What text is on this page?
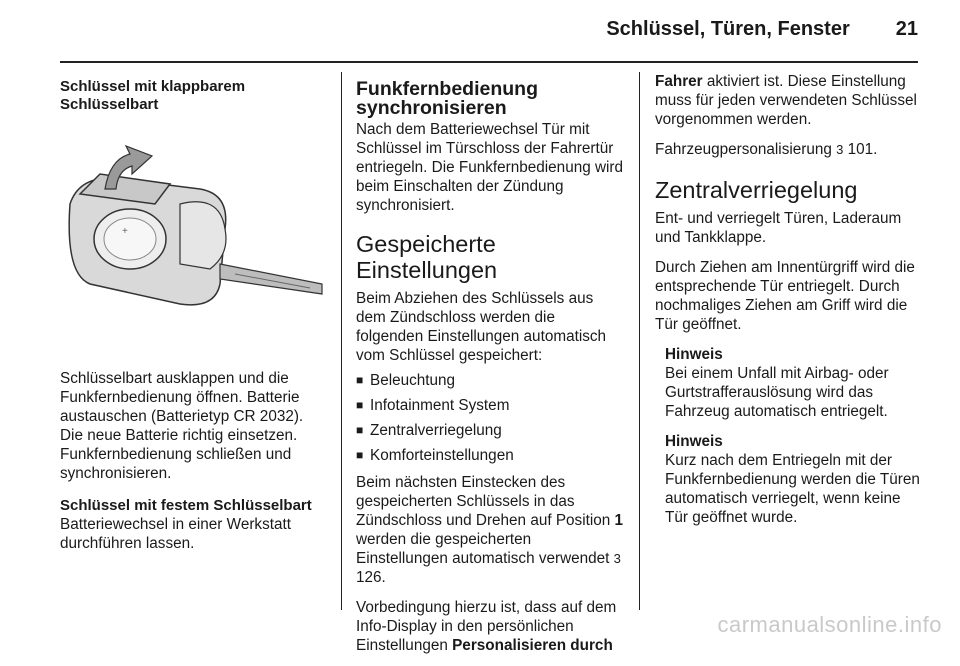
Schlüssel, Türen, Fenster 21
Schlüssel mit klappbarem Schlüsselbart
+

Schlüsselbart ausklappen und die Funkfernbedienung öffnen. Batterie austauschen (Batterietyp CR 2032). Die neue Batterie richtig einsetzen. Funkfernbedienung schließen und synchronisieren.

Schlüssel mit festem Schlüsselbart

Batteriewechsel in einer Werkstatt durchführen lassen.

Funkfernbedienung synchronisieren

Nach dem Batteriewechsel Tür mit Schlüssel im Türschloss der Fahrertür entriegeln. Die Funkfernbedienung wird beim Einschalten der Zündung synchronisiert.

Gespeicherte Einstellungen

Beim Abziehen des Schlüssels aus dem Zündschloss werden die folgenden Einstellungen automatisch vom Schlüssel gespeichert:

■ Beleuchtung
■ Infotainment System
■ Zentralverriegelung
■ Komforteinstellungen

Beim nächsten Einstecken des gespeicherten Schlüssels in das Zündschloss und Drehen auf Position 1 werden die gespeicherten Einstellungen automatisch verwendet 3 126.

Vorbedingung hierzu ist, dass auf dem Info-Display in den persönlichen Einstellungen Personalisieren durch

Fahrer aktiviert ist. Diese Einstellung muss für jeden verwendeten Schlüssel vorgenommen werden.

Fahrzeugpersonalisierung 3 101.

Zentralverriegelung

Ent- und verriegelt Türen, Laderaum und Tankklappe.

Durch Ziehen am Innentürgriff wird die entsprechende Tür entriegelt. Durch nochmaliges Ziehen am Griff wird die Tür geöffnet.

Hinweis

Bei einem Unfall mit Airbag- oder Gurtstrafferauslösung wird das Fahrzeug automatisch entriegelt.

Hinweis

Kurz nach dem Entriegeln mit der Funkfernbedienung werden die Türen automatisch verriegelt, wenn keine Tür geöffnet wurde.

carmanualsonline.info
